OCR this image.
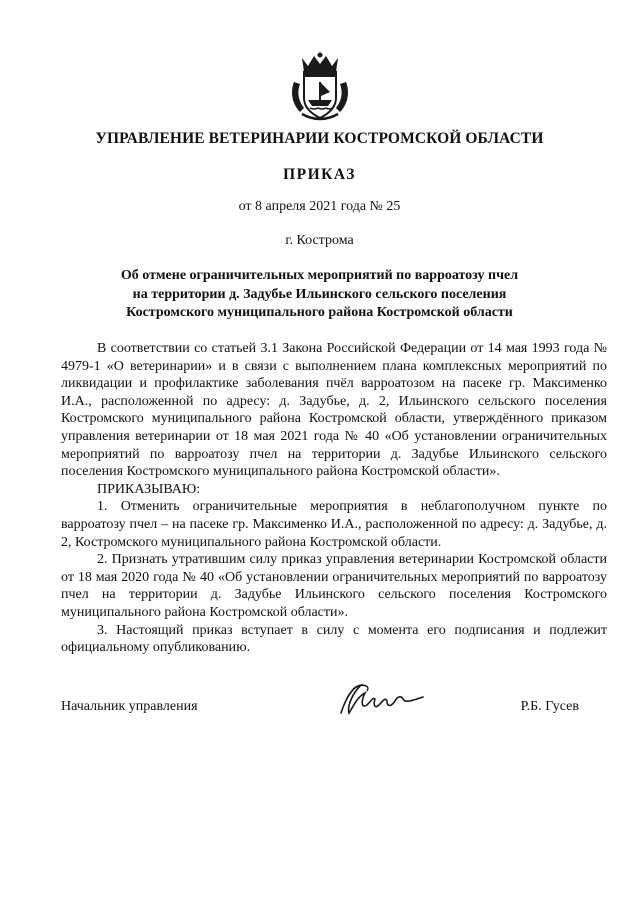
УПРАВЛЕНИЕ ВЕТЕРИНАРИИ КОСТРОМСКОЙ ОБЛАСТИ
ПРИКАЗ
от 8 апреля 2021 года № 25
г. Кострома
Об отмене ограничительных мероприятий по варроатозу пчел
на территории д. Задубье Ильинского сельского поселения
Костромского муниципального района Костромской области

В соответствии со статьей 3.1 Закона Российской Федерации от 14 мая 1993 года № 4979-1 «О ветеринарии» и в связи с выполнением плана комплексных мероприятий по ликвидации и профилактике заболевания пчёл варроатозом на пасеке гр. Максименко И.А., расположенной по адресу: д. Задубье, д. 2, Ильинского сельского поселения Костромского муниципального района Костромской области, утверждённого приказом управления ветеринарии от 18 мая 2021 года № 40 «Об установлении ограничительных мероприятий по варроатозу пчел на территории д. Задубье Ильинского сельского поселения Костромского муниципального района Костромской области».

ПРИКАЗЫВАЮ:

1. Отменить ограничительные мероприятия в неблагополучном пункте по варроатозу пчел – на пасеке гр. Максименко И.А., расположенной по адресу: д. Задубье, д. 2, Костромского муниципального района Костромской области.

2. Признать утратившим силу приказ управления ветеринарии Костромской области от 18 мая 2020 года № 40 «Об установлении ограничительных мероприятий по варроатозу пчел на территории д. Задубье Ильинского сельского поселения Костромского муниципального района Костромской области».

3. Настоящий приказ вступает в силу с момента его подписания и подлежит официальному опубликованию.

Начальник управления	Р.Б. Гусев
